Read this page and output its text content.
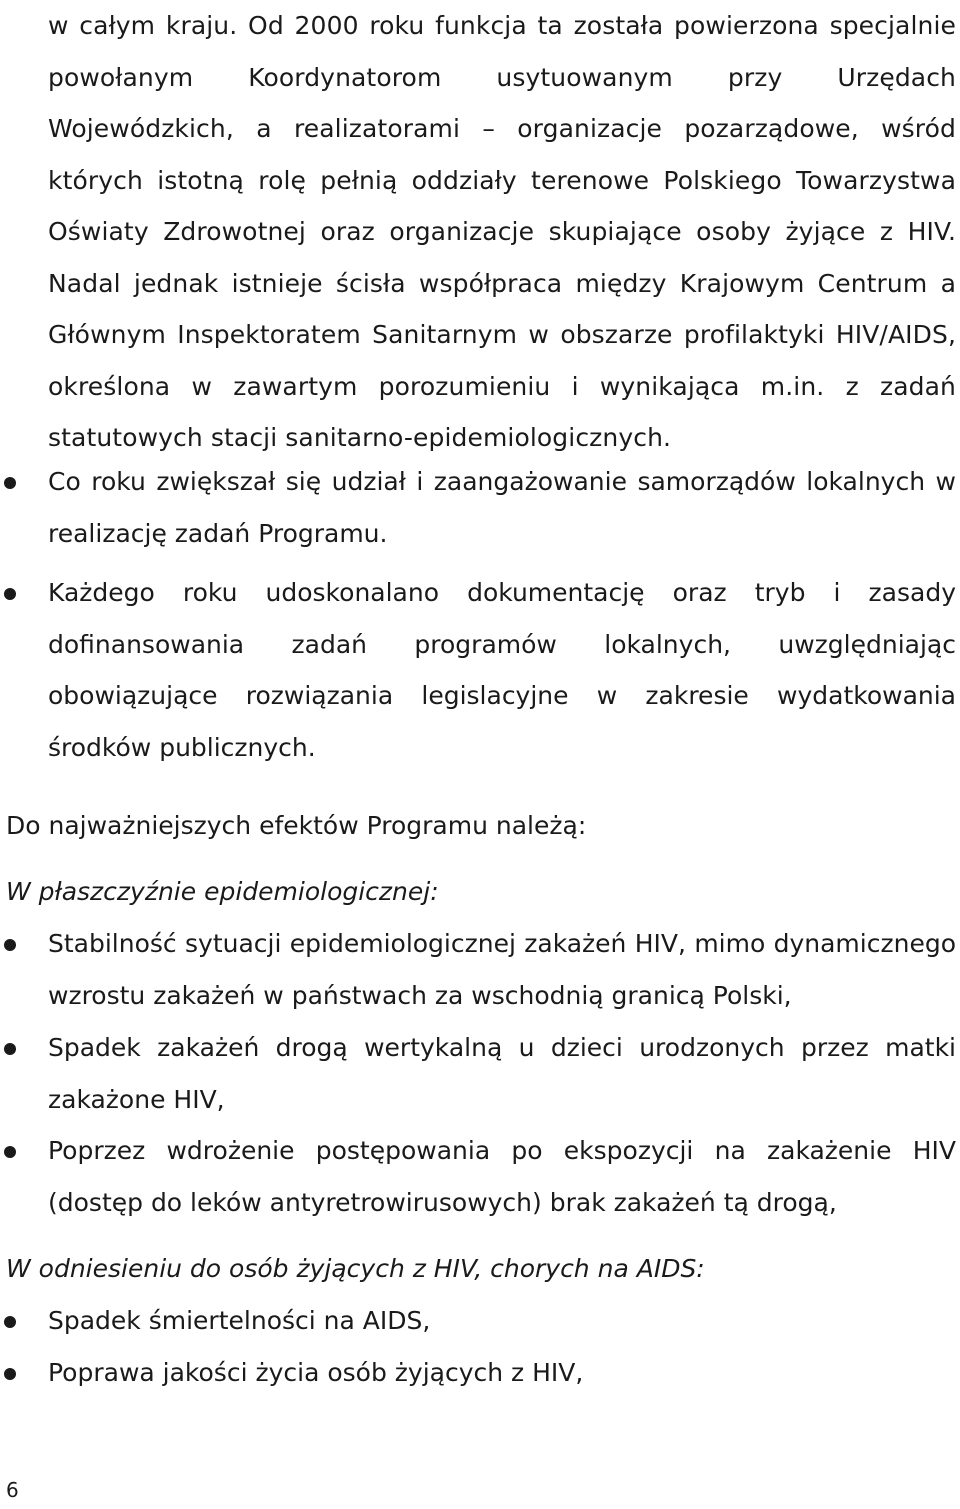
w całym kraju. Od 2000 roku funkcja ta została powierzona specjalnie powołanym Koordynatorom usytuowanym przy Urzędach Wojewódzkich, a realizatorami – organizacje pozarządowe, wśród których istotną rolę pełnią oddziały terenowe Polskiego Towarzystwa Oświaty Zdrowotnej oraz organizacje skupiające osoby żyjące z HIV. Nadal jednak istnieje ścisła współpraca między Krajowym Centrum a Głównym Inspektoratem Sanitarnym w obszarze profilaktyki HIV/AIDS, określona w zawartym porozumieniu i wynikająca m.in. z zadań statutowych stacji sanitarno-epidemiologicznych.
Co roku zwiększał się udział i zaangażowanie samorządów lokalnych w realizację zadań Programu.
Każdego roku udoskonalano dokumentację oraz tryb i zasady dofinansowania zadań programów lokalnych, uwzględniając obowiązujące rozwiązania legislacyjne w zakresie wydatkowania środków publicznych.
Do najważniejszych efektów Programu należą:
W płaszczyźnie epidemiologicznej:
Stabilność sytuacji epidemiologicznej zakażeń HIV, mimo dynamicznego wzrostu zakażeń w państwach za wschodnią granicą Polski,
Spadek zakażeń drogą wertykalną u dzieci urodzonych przez matki zakażone HIV,
Poprzez wdrożenie postępowania po ekspozycji na zakażenie HIV (dostęp do leków antyretrowirusowych) brak zakażeń tą drogą,
W odniesieniu do osób żyjących z HIV, chorych na AIDS:
Spadek śmiertelności na AIDS,
Poprawa jakości życia osób żyjących z HIV,
6
